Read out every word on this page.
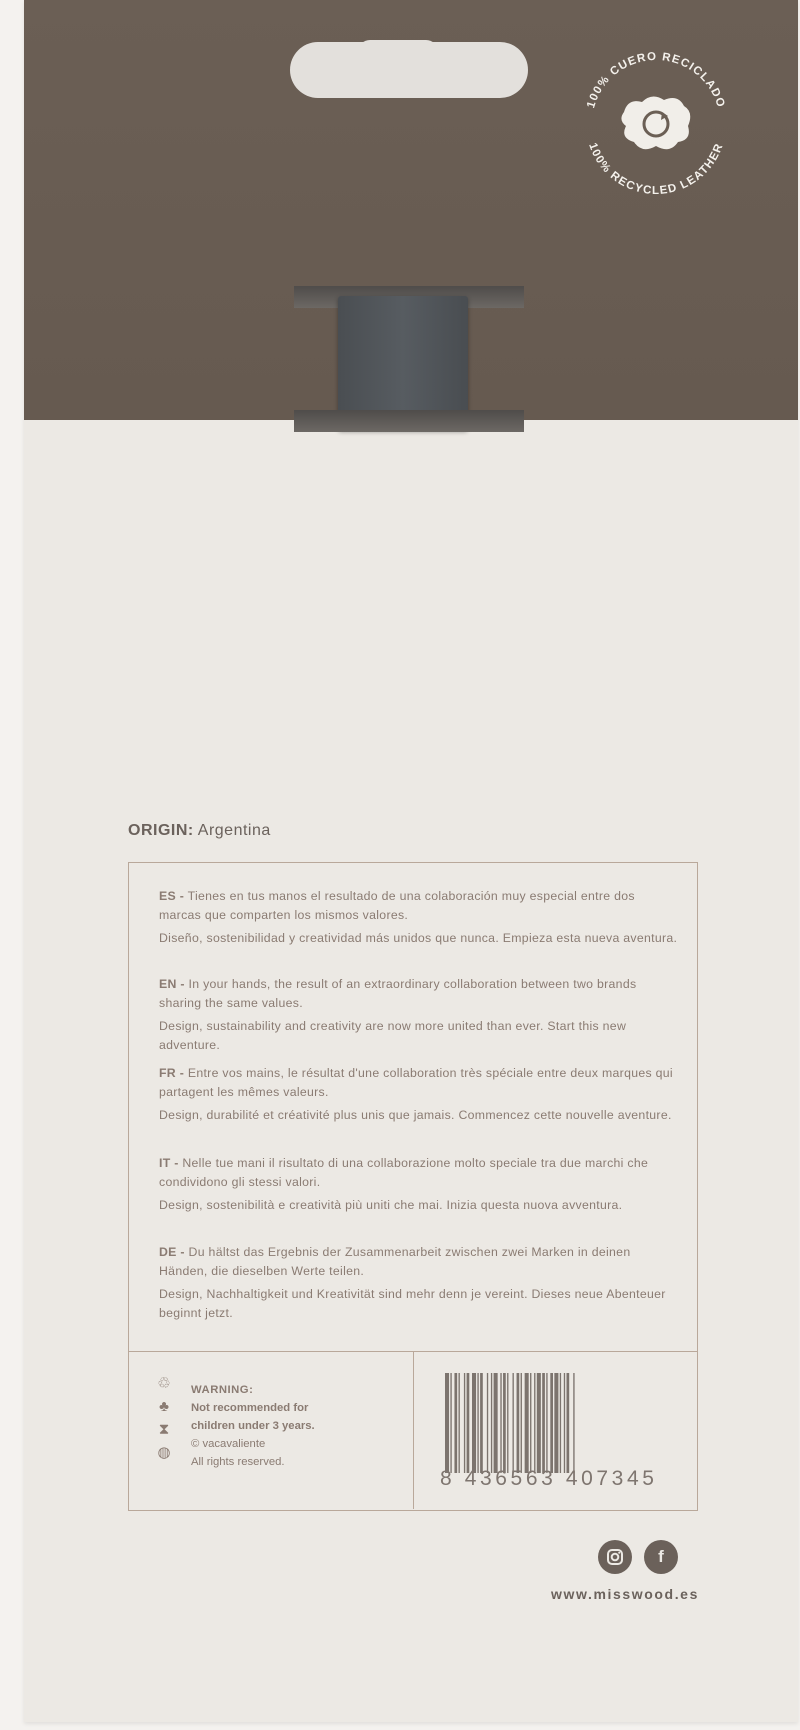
100% CUERO RECICLADO
100% RECYCLED LEATHER
ORIGIN: Argentina

ES - Tienes en tus manos el resultado de una colaboración muy especial entre dos marcas que comparten los mismos valores.

Diseño, sostenibilidad y creatividad más unidos que nunca. Empieza esta nueva aventura.

EN - In your hands, the result of an extraordinary collaboration between two brands sharing the same values.

Design, sustainability and creativity are now more united than ever. Start this new adventure.

FR - Entre vos mains, le résultat d'une collaboration très spéciale entre deux marques qui partagent les mêmes valeurs.

Design, durabilité et créativité plus unis que jamais. Commencez cette nouvelle aventure.

IT - Nelle tue mani il risultato di una collaborazione molto speciale tra due marchi che condividono gli stessi valori.

Design, sostenibilità e creatività più uniti che mai. Inizia questa nuova avventura.

DE - Du hältst das Ergebnis der Zusammenarbeit zwischen zwei Marken in deinen Händen, die dieselben Werte teilen.

Design, Nachhaltigkeit und Kreativität sind mehr denn je vereint. Dieses neue Abenteuer beginnt jetzt.

♲
♣
⧗
◍
WARNING:
Not recommended for
children under 3 years.
© vacavaliente
All rights reserved.
8 436563 407345
f
www.misswood.es
